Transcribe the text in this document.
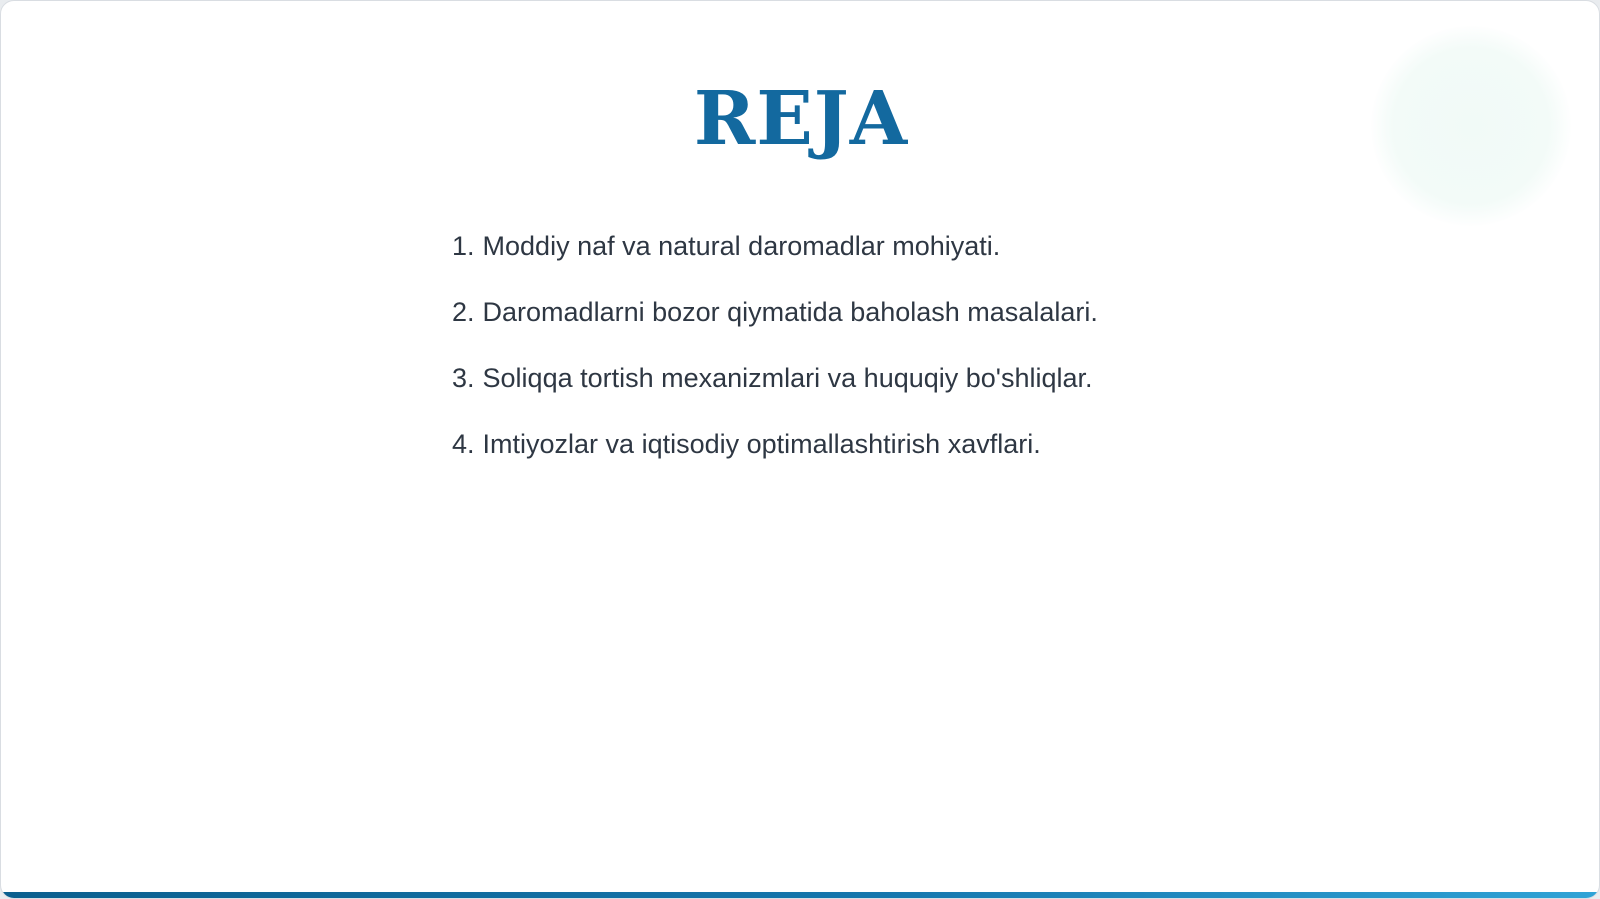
REJA
1. Moddiy naf va natural daromadlar mohiyati.
2. Daromadlarni bozor qiymatida baholash masalalari.
3. Soliqqa tortish mexanizmlari va huquqiy bo'shliqlar.
4. Imtiyozlar va iqtisodiy optimallashtirish xavflari.
